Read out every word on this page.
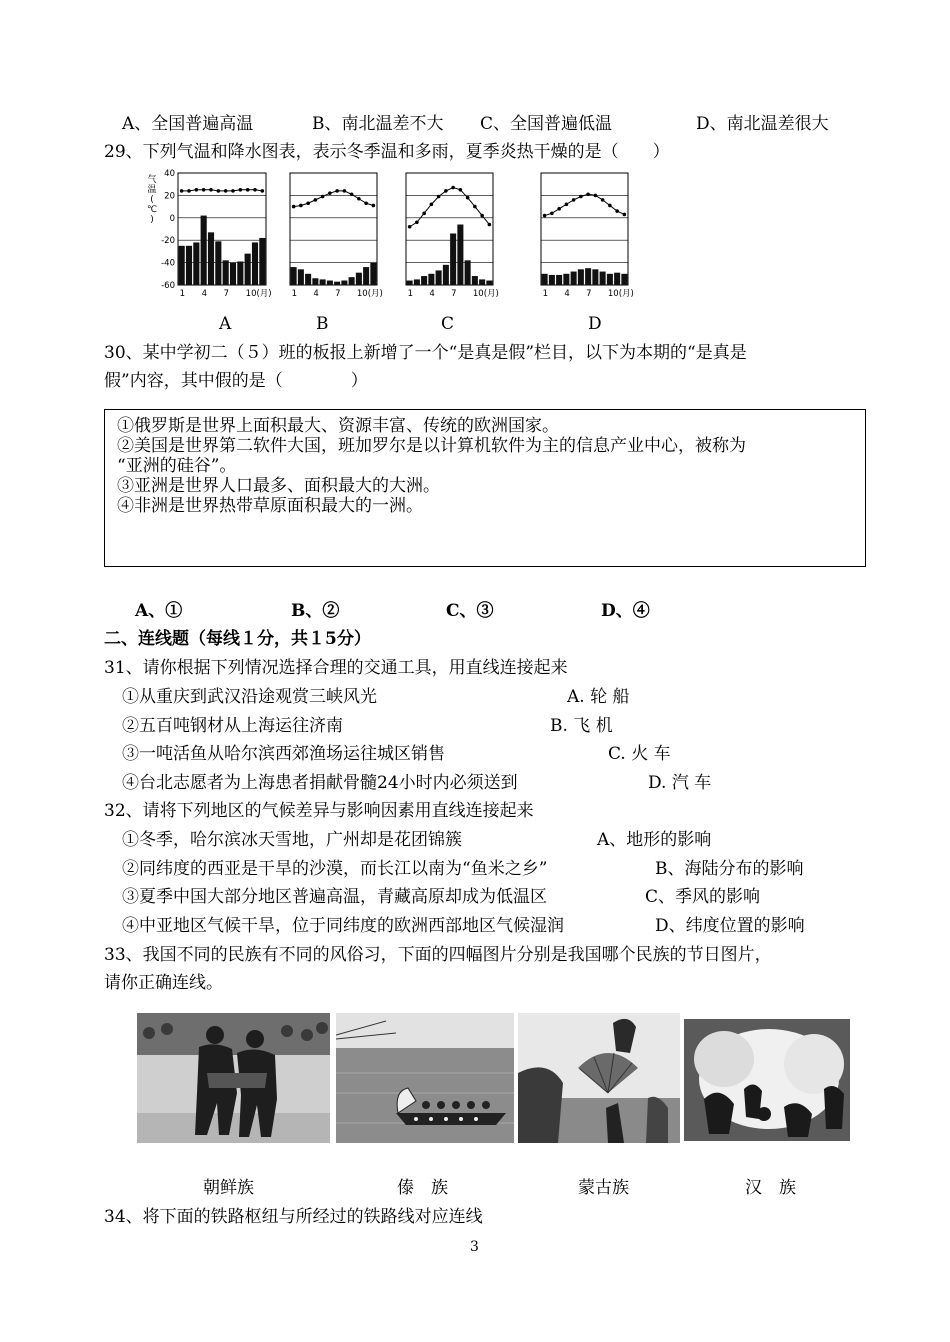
A、全国普遍高温	B、南北温差不大 C、全国普遍低温	D、南北温差很大
29、下列气温和降水图表，表示冬季温和多雨，夏季炎热干燥的是（　　）
气
温
(
℃
)
40
20
0
-20
-40
-60
1 4 7 10(月) 1 4 7 10(月)	1 4 7 10(月)	1 4 7 10(月)
A	B	C	D
30、某中学初二（５）班的板报上新增了一个“是真是假”栏目，以下为本期的“是真是
假”内容，其中假的是（　　　　）
①俄罗斯是世界上面积最大、资源丰富、传统的欧洲国家。
②美国是世界第二软件大国，班加罗尔是以计算机软件为主的信息产业中心，被称为
“亚洲的硅谷”。
③亚洲是世界人口最多、面积最大的大洲。
④非洲是世界热带草原面积最大的一洲。
A、①	B、②	C、③	D、④
二、连线题（每线１分，共１5分）
31、请你根据下列情况选择合理的交通工具，用直线连接起来
①从重庆到武汉沿途观赏三峡风光
②五百吨钢材从上海运往济南
③一吨活鱼从哈尔滨西郊渔场运往城区销售
④台北志愿者为上海患者捐献骨髓24小时内必须送到
A. 轮 船
B. 飞 机
C. 火 车
D. 汽 车
32、请将下列地区的气候差异与影响因素用直线连接起来
①冬季，哈尔滨冰天雪地，广州却是花团锦簇
②同纬度的西亚是干旱的沙漠，而长江以南为“鱼米之乡”
③夏季中国大部分地区普遍高温，青藏高原却成为低温区
④中亚地区气候干旱，位于同纬度的欧洲西部地区气候湿润
A、地形的影响
B、海陆分布的影响
C、季风的影响
D、纬度位置的影响
33、我国不同的民族有不同的风俗习，下面的四幅图片分别是我国哪个民族的节日图片，
请你正确连线。
朝鲜族	傣　族	蒙古族	汉　族
34、将下面的铁路枢纽与所经过的铁路线对应连线
3
